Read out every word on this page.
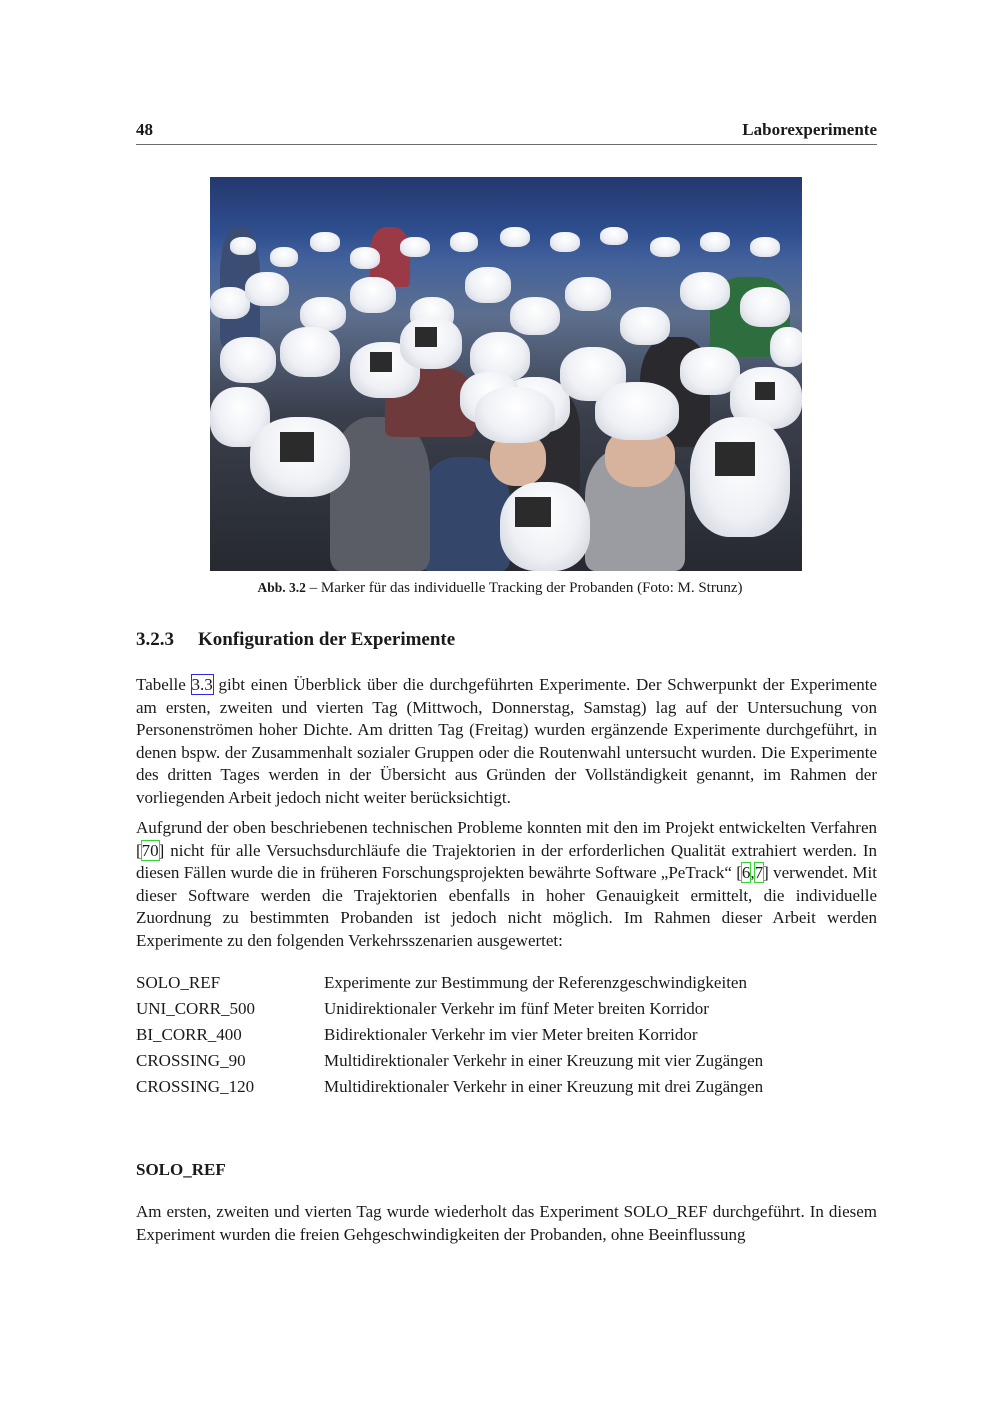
48	Laborexperimente
Abb. 3.2 – Marker für das individuelle Tracking der Probanden (Foto: M. Strunz)
3.2.3 Konfiguration der Experimente
Tabelle 3.3 gibt einen Überblick über die durchgeführten Experimente. Der Schwerpunkt der Experimente am ersten, zweiten und vierten Tag (Mittwoch, Donnerstag, Samstag) lag auf der Untersuchung von Personenströmen hoher Dichte. Am dritten Tag (Freitag) wurden ergänzende Experimente durchgeführt, in denen bspw. der Zusammenhalt sozialer Gruppen oder die Routenwahl untersucht wurden. Die Experimente des dritten Tages werden in der Übersicht aus Gründen der Vollständigkeit genannt, im Rahmen der vorliegenden Arbeit jedoch nicht weiter berücksichtigt.
Aufgrund der oben beschriebenen technischen Probleme konnten mit den im Projekt entwickelten Verfahren [70] nicht für alle Versuchsdurchläufe die Trajektorien in der erforderlichen Qualität extrahiert werden. In diesen Fällen wurde die in früheren Forschungsprojekten bewährte Software „PeTrack“ [6,7] verwendet. Mit dieser Software werden die Trajektorien ebenfalls in hoher Genauigkeit ermittelt, die individuelle Zuordnung zu bestimmten Probanden ist jedoch nicht möglich. Im Rahmen dieser Arbeit werden Experimente zu den folgenden Verkehrsszenarien ausgewertet:
SOLO_REF	Experimente zur Bestimmung der Referenzgeschwindigkeiten
UNI_CORR_500	Unidirektionaler Verkehr im fünf Meter breiten Korridor
BI_CORR_400	Bidirektionaler Verkehr im vier Meter breiten Korridor
CROSSING_90	Multidirektionaler Verkehr in einer Kreuzung mit vier Zugängen
CROSSING_120	Multidirektionaler Verkehr in einer Kreuzung mit drei Zugängen
SOLO_REF
Am ersten, zweiten und vierten Tag wurde wiederholt das Experiment SOLO_REF durchgeführt. In diesem Experiment wurden die freien Gehgeschwindigkeiten der Probanden, ohne Beeinflussung
